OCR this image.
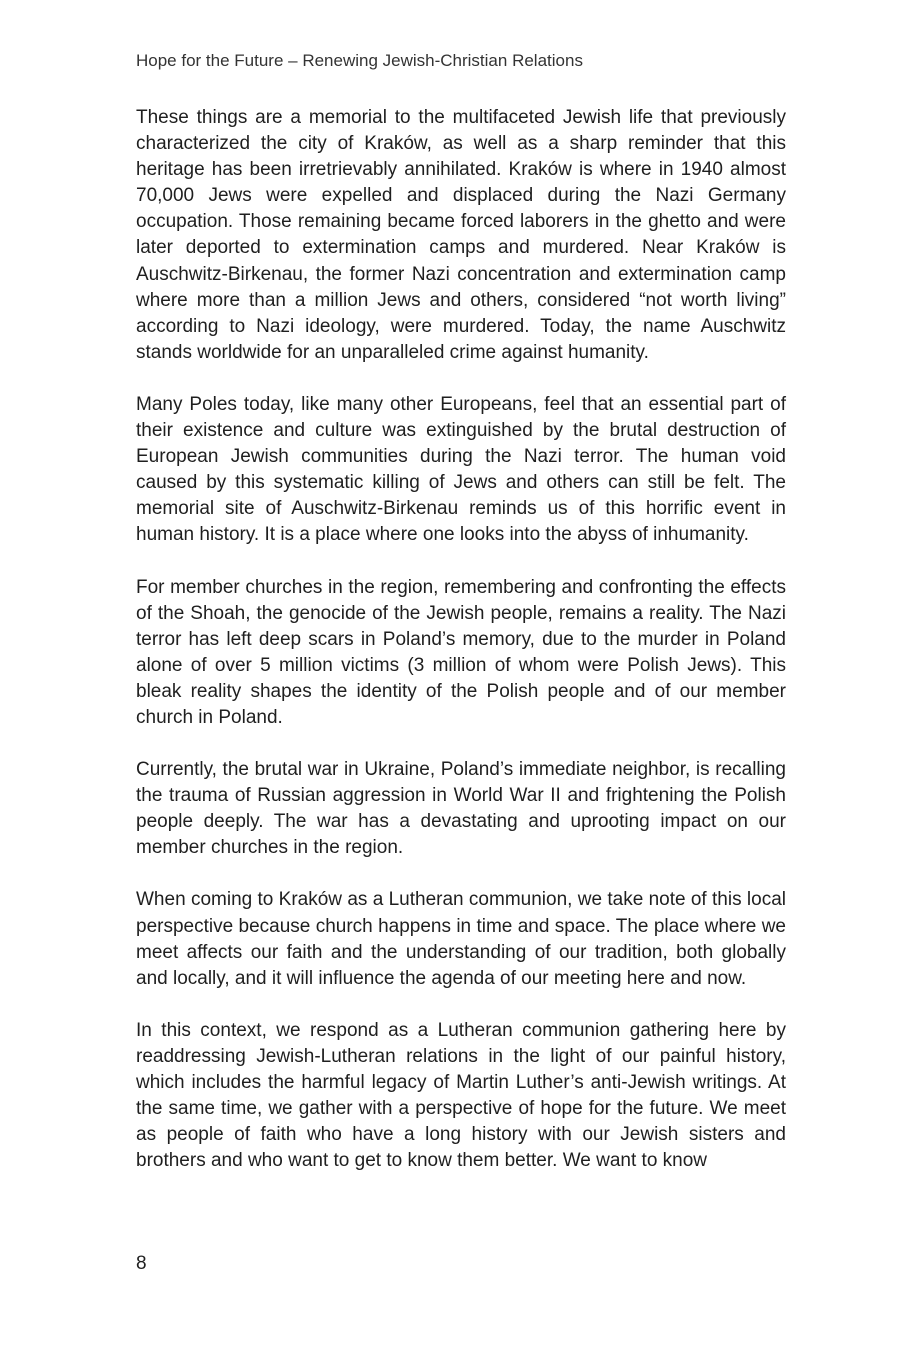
Hope for the Future – Renewing Jewish-Christian Relations

These things are a memorial to the multifaceted Jewish life that previously characterized the city of Kraków, as well as a sharp reminder that this heritage has been irretrievably annihilated. Kraków is where in 1940 almost 70,000 Jews were expelled and displaced during the Nazi Germany occupation. Those remaining became forced laborers in the ghetto and were later deported to extermination camps and murdered. Near Kraków is Auschwitz-Birkenau, the former Nazi concentration and extermination camp where more than a million Jews and others, considered “not worth living” according to Nazi ideology, were murdered. Today, the name Auschwitz stands worldwide for an unparalleled crime against humanity.

Many Poles today, like many other Europeans, feel that an essential part of their existence and culture was extinguished by the brutal destruction of European Jewish communities during the Nazi terror. The human void caused by this systematic killing of Jews and others can still be felt. The memorial site of Auschwitz-Birkenau reminds us of this horrific event in human history. It is a place where one looks into the abyss of inhumanity.

For member churches in the region, remembering and confronting the effects of the Shoah, the genocide of the Jewish people, remains a reality. The Nazi terror has left deep scars in Poland’s memory, due to the murder in Poland alone of over 5 million victims (3 million of whom were Polish Jews). This bleak reality shapes the identity of the Polish people and of our member church in Poland.

Currently, the brutal war in Ukraine, Poland’s immediate neighbor, is recalling the trauma of Russian aggression in World War II and frightening the Polish people deeply. The war has a devastating and uprooting impact on our member churches in the region.

When coming to Kraków as a Lutheran communion, we take note of this local perspective because church happens in time and space. The place where we meet affects our faith and the understanding of our tradition, both globally and locally, and it will influence the agenda of our meeting here and now.

In this context, we respond as a Lutheran communion gathering here by readdressing Jewish-Lutheran relations in the light of our painful history, which includes the harmful legacy of Martin Luther’s anti-Jewish writings. At the same time, we gather with a perspective of hope for the future. We meet as people of faith who have a long history with our Jewish sisters and brothers and who want to get to know them better. We want to know

8
